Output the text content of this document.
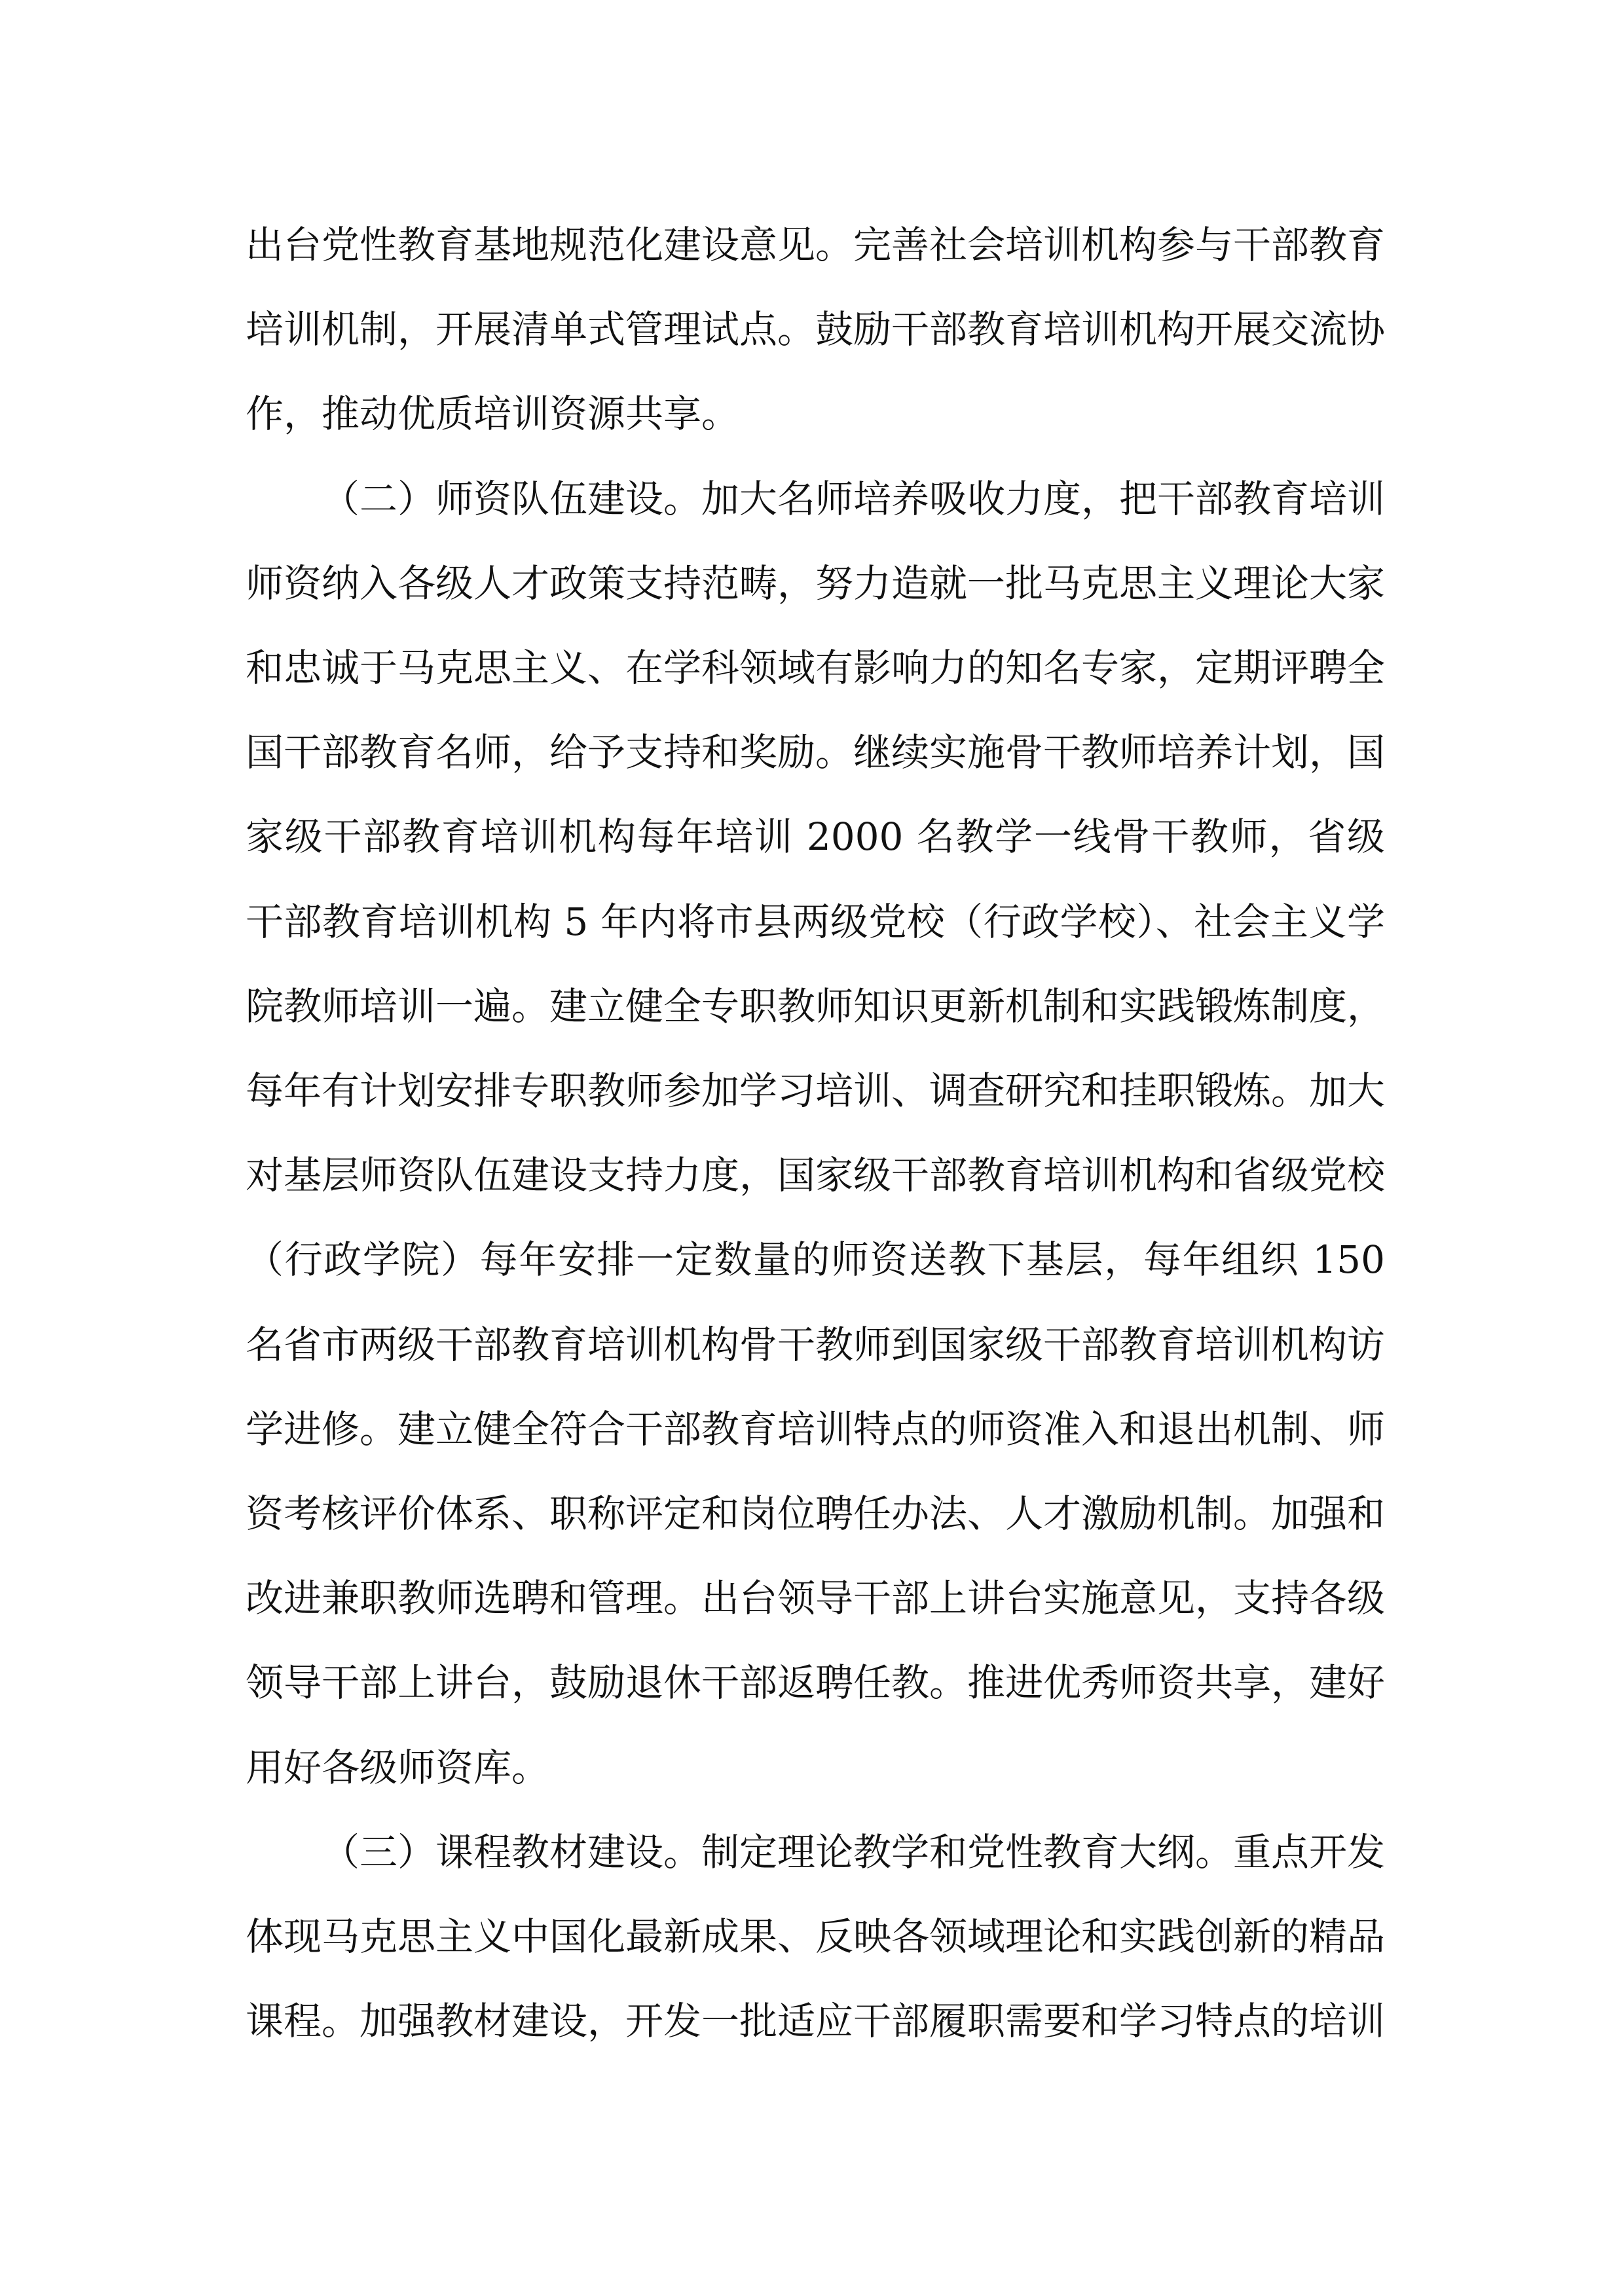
出台党性教育基地规范化建设意见。完善社会培训机构参与干部教育培训机制，开展清单式管理试点。鼓励干部教育培训机构开展交流协作，推动优质培训资源共享。

（二）师资队伍建设。加大名师培养吸收力度，把干部教育培训师资纳入各级人才政策支持范畴，努力造就一批马克思主义理论大家和忠诚于马克思主义、在学科领域有影响力的知名专家，定期评聘全国干部教育名师，给予支持和奖励。继续实施骨干教师培养计划，国家级干部教育培训机构每年培训 2000 名教学一线骨干教师，省级干部教育培训机构 5 年内将市县两级党校（行政学校）、社会主义学院教师培训一遍。建立健全专职教师知识更新机制和实践锻炼制度，每年有计划安排专职教师参加学习培训、调查研究和挂职锻炼。加大对基层师资队伍建设支持力度，国家级干部教育培训机构和省级党校（行政学院）每年安排一定数量的师资送教下基层，每年组织 150 名省市两级干部教育培训机构骨干教师到国家级干部教育培训机构访学进修。建立健全符合干部教育培训特点的师资准入和退出机制、师资考核评价体系、职称评定和岗位聘任办法、人才激励机制。加强和改进兼职教师选聘和管理。出台领导干部上讲台实施意见，支持各级领导干部上讲台，鼓励退休干部返聘任教。推进优秀师资共享，建好用好各级师资库。

（三）课程教材建设。制定理论教学和党性教育大纲。重点开发体现马克思主义中国化最新成果、反映各领域理论和实践创新的精品课程。加强教材建设，开发一批适应干部履职需要和学习特点的培训
